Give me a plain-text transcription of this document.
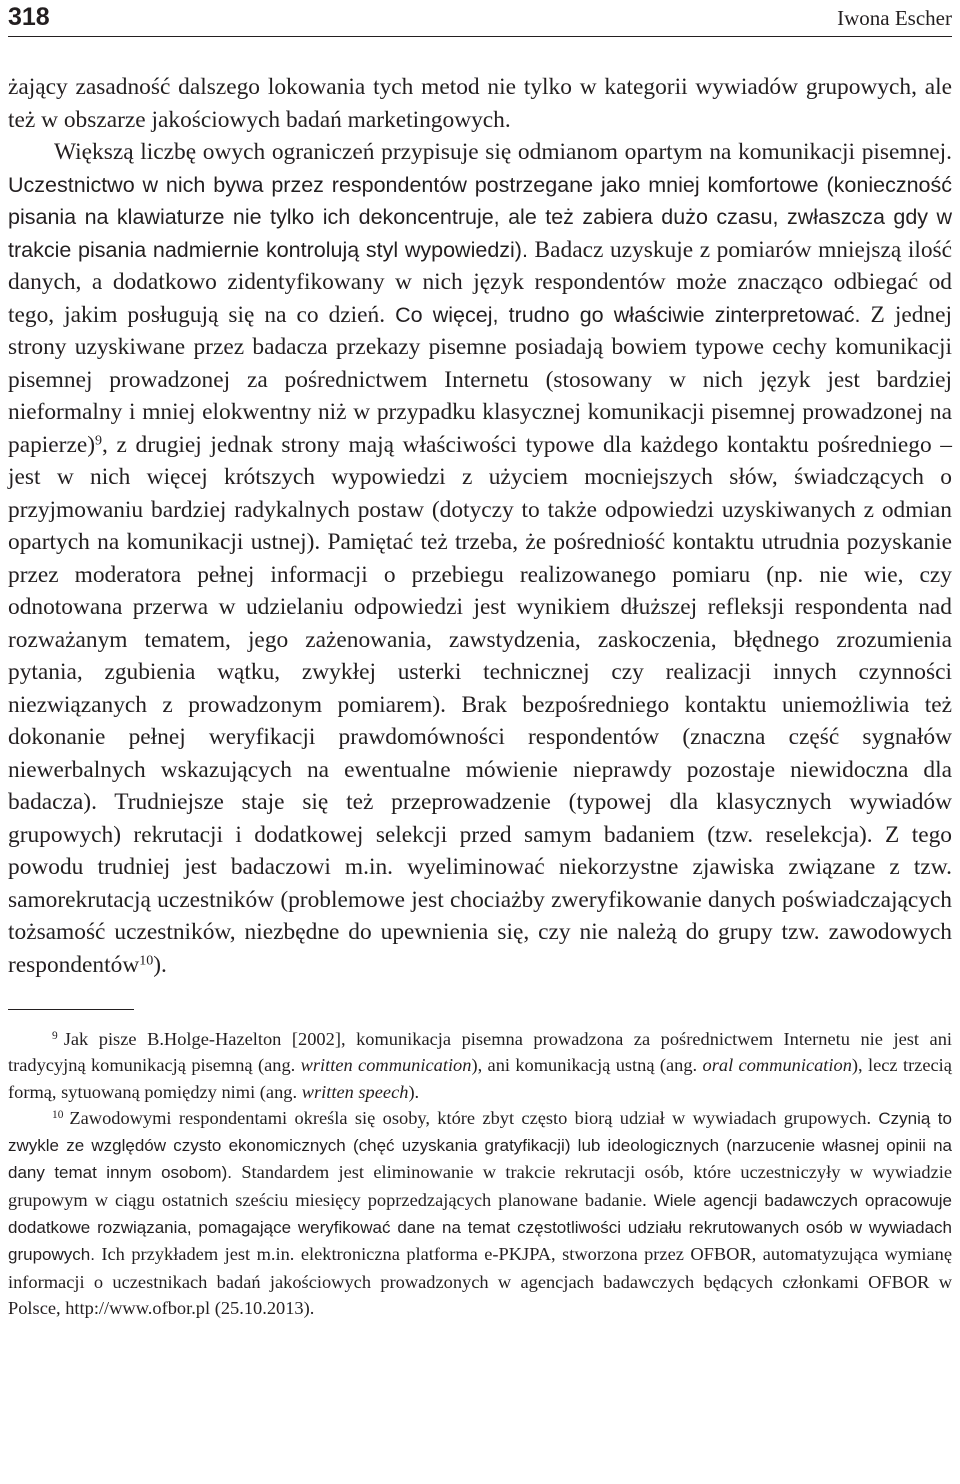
318	Iwona Escher

żający zasadność dalszego lokowania tych metod nie tylko w kategorii wywiadów grupowych, ale też w obszarze jakościowych badań marketingowych.

Większą liczbę owych ograniczeń przypisuje się odmianom opartym na komunikacji pisemnej. Uczestnictwo w nich bywa przez respondentów postrzegane jako mniej komfortowe (konieczność pisania na klawiaturze nie tylko ich dekoncentruje, ale też zabiera dużo czasu, zwłaszcza gdy w trakcie pisania nadmiernie kontrolują styl wypowiedzi). Badacz uzyskuje z pomiarów mniejszą ilość danych, a dodatkowo zidentyfikowany w nich język respondentów może znacząco odbiegać od tego, jakim posługują się na co dzień. Co więcej, trudno go właściwie zinterpretować. Z jednej strony uzyskiwane przez badacza przekazy pisemne posiadają bowiem typowe cechy komunikacji pisemnej prowadzonej za pośrednictwem Internetu (stosowany w nich język jest bardziej nieformalny i mniej elokwentny niż w przypadku klasycznej komunikacji pisemnej prowadzonej na papierze)$^9$, z drugiej jednak strony mają właściwości typowe dla każdego kontaktu pośredniego – jest w nich więcej krótszych wypowiedzi z użyciem mocniejszych słów, świadczących o przyjmowaniu bardziej radykalnych postaw (dotyczy to także odpowiedzi uzyskiwanych z odmian opartych na komunikacji ustnej). Pamiętać też trzeba, że pośredniość kontaktu utrudnia pozyskanie przez moderatora pełnej informacji o przebiegu realizowanego pomiaru (np. nie wie, czy odnotowana przerwa w udzielaniu odpowiedzi jest wynikiem dłuższej refleksji respondenta nad rozważanym tematem, jego zażenowania, zawstydzenia, zaskoczenia, błędnego zrozumienia pytania, zgubienia wątku, zwykłej usterki technicznej czy realizacji innych czynności niezwiązanych z prowadzonym pomiarem). Brak bezpośredniego kontaktu uniemożliwia też dokonanie pełnej weryfikacji prawdomówności respondentów (znaczna część sygnałów niewerbalnych wskazujących na ewentualne mówienie nieprawdy pozostaje niewidoczna dla badacza). Trudniejsze staje się też przeprowadzenie (typowej dla klasycznych wywiadów grupowych) rekrutacji i dodatkowej selekcji przed samym badaniem (tzw. reselekcja). Z tego powodu trudniej jest badaczowi m.in. wyeliminować niekorzystne zjawiska związane z tzw. samorekrutacją uczestników (problemowe jest chociażby zweryfikowanie danych poświadczających tożsamość uczestników, niezbędne do upewnienia się, czy nie należą do grupy tzw. zawodowych respondentów$^{10}$).

$^9$ Jak pisze B.Holge-Hazelton [2002], komunikacja pisemna prowadzona za pośrednictwem Internetu nie jest ani tradycyjną komunikacją pisemną (ang. written communication), ani komunikacją ustną (ang. oral communication), lecz trzecią formą, sytuowaną pomiędzy nimi (ang. written speech).

$^{10}$ Zawodowymi respondentami określa się osoby, które zbyt często biorą udział w wywiadach grupowych. Czynią to zwykle ze względów czysto ekonomicznych (chęć uzyskania gratyfikacji) lub ideologicznych (narzucenie własnej opinii na dany temat innym osobom). Standardem jest eliminowanie w trakcie rekrutacji osób, które uczestniczyły w wywiadzie grupowym w ciągu ostatnich sześciu miesięcy poprzedzających planowane badanie. Wiele agencji badawczych opracowuje dodatkowe rozwiązania, pomagające weryfikować dane na temat częstotliwości udziału rekrutowanych osób w wywiadach grupowych. Ich przykładem jest m.in. elektroniczna platforma e-PKJPA, stworzona przez OFBOR, automatyzująca wymianę informacji o uczestnikach badań jakościowych prowadzonych w agencjach badawczych będących członkami OFBOR w Polsce, http://www.ofbor.pl (25.10.2013).
